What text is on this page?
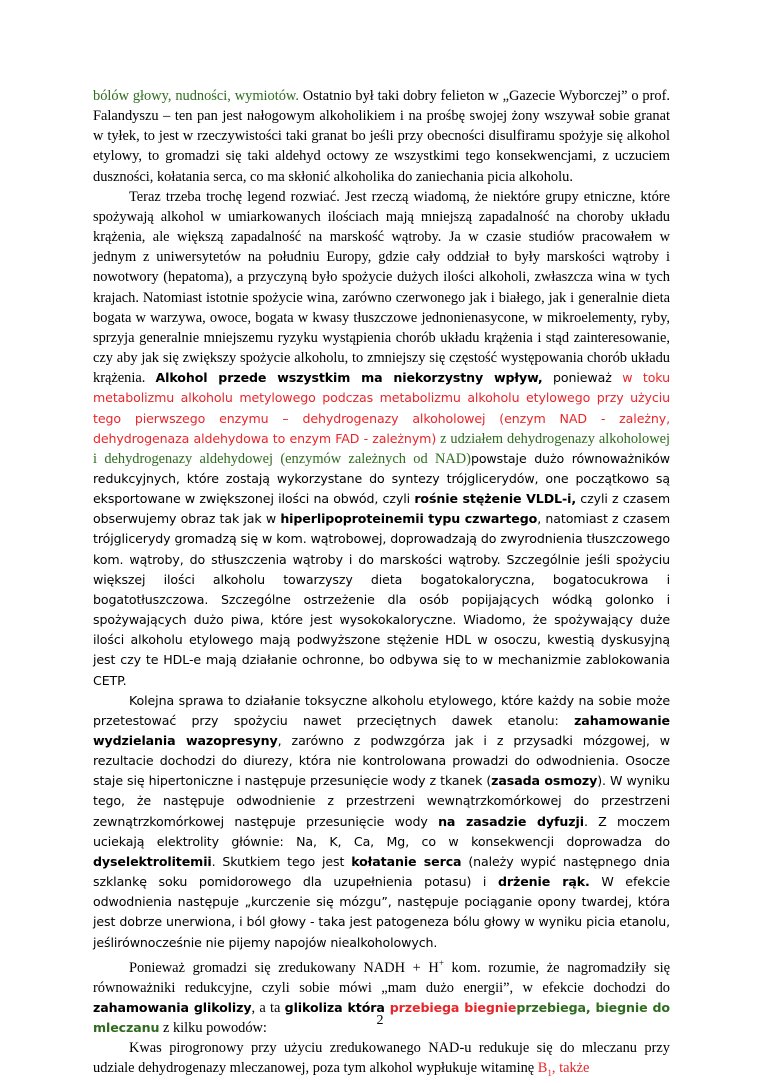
bólów głowy, nudności, wymiotów. Ostatnio był taki dobry felieton w „Gazecie Wyborczej” o prof. Falandyszu – ten pan jest nałogowym alkoholikiem i na prośbę swojej żony wszywał sobie granat w tyłek, to jest w rzeczywistości taki granat bo jeśli przy obecności disulfiramu spożyje się alkohol etylowy, to gromadzi się taki aldehyd octowy ze wszystkimi tego konsekwencjami, z uczuciem duszności, kołatania serca, co ma skłonić alkoholika do zaniechania picia alkoholu.

Teraz trzeba trochę legend rozwiać. Jest rzeczą wiadomą, że niektóre grupy etniczne, które spożywają alkohol w umiarkowanych ilościach mają mniejszą zapadalność na choroby układu krążenia, ale większą zapadalność na marskość wątroby. Ja w czasie studiów pracowałem w jednym z uniwersytetów na południu Europy, gdzie cały oddział to były marskości wątroby i nowotwory (hepatoma), a przyczyną było spożycie dużych ilości alkoholi, zwłaszcza wina w tych krajach. Natomiast istotnie spożycie wina, zarówno czerwonego jak i białego, jak i generalnie dieta bogata w warzywa, owoce, bogata w kwasy tłuszczowe jednonienasycone, w mikroelementy, ryby, sprzyja generalnie mniejszemu ryzyku wystąpienia chorób układu krążenia i stąd zainteresowanie, czy aby jak się zwiększy spożycie alkoholu, to zmniejszy się częstość występowania chorób układu krążenia. Alkohol przede wszystkim ma niekorzystny wpływ, ponieważ w toku metabolizmu alkoholu metylowego podczas metabolizmu alkoholu etylowego przy użyciu tego pierwszego enzymu – dehydrogenazy alkoholowej (enzym NAD - zależny, dehydrogenaza aldehydowa to enzym FAD - zależnym) z udziałem dehydrogenazy alkoholowej i dehydrogenazy aldehydowej (enzymów zależnych od NAD)powstaje dużo równoważników redukcyjnych, które zostają wykorzystane do syntezy trójglicerydów, one początkowo są eksportowane w zwiększonej ilości na obwód, czyli rośnie stężenie VLDL-i, czyli z czasem obserwujemy obraz tak jak w hiperlipoproteinemii typu czwartego, natomiast z czasem trójglicerydy gromadzą się w kom. wątrobowej, doprowadzają do zwyrodnienia tłuszczowego kom. wątroby, do stłuszczenia wątroby i do marskości wątroby. Szczególnie jeśli spożyciu większej ilości alkoholu towarzyszy dieta bogatokaloryczna, bogatocukrowa i bogatotłuszczowa. Szczególne ostrzeżenie dla osób popijających wódką golonko i spożywających dużo piwa, które jest wysokokaloryczne. Wiadomo, że spożywający duże ilości alkoholu etylowego mają podwyższone stężenie HDL w osoczu, kwestią dyskusyjną jest czy te HDL-e mają działanie ochronne, bo odbywa się to w mechanizmie zablokowania CETP.

Kolejna sprawa to działanie toksyczne alkoholu etylowego, które każdy na sobie może przetestować przy spożyciu nawet przeciętnych dawek etanolu: zahamowanie wydzielania wazopresyny, zarówno z podwzgórza jak i z przysadki mózgowej, w rezultacie dochodzi do diurezy, która nie kontrolowana prowadzi do odwodnienia. Osocze staje się hipertoniczne i następuje przesunięcie wody z tkanek (zasada osmozy). W wyniku tego, że następuje odwodnienie z przestrzeni wewnątrzkomórkowej do przestrzeni zewnątrzkomórkowej następuje przesunięcie wody na zasadzie dyfuzji. Z moczem uciekają elektrolity głównie: Na, K, Ca, Mg, co w konsekwencji doprowadza do dyselektrolitemii. Skutkiem tego jest kołatanie serca (należy wypić następnego dnia szklankę soku pomidorowego dla uzupełnienia potasu) i drżenie rąk. W efekcie odwodnienia następuje „kurczenie się mózgu”, następuje pociąganie opony twardej, która jest dobrze unerwiona, i ból głowy - taka jest patogeneza bólu głowy w wyniku picia etanolu, jeślirównocześnie nie pijemy napojów niealkoholowych.

Ponieważ gromadzi się zredukowany NADH + H+ kom. rozumie, że nagromadziły się równoważniki redukcyjne, czyli sobie mówi „mam dużo energii”, w efekcie dochodzi do zahamowania glikolizy, a ta glikoliza która przebiega biegnieprzebiega, biegnie do mleczanu z kilku powodów:

Kwas pirogronowy przy użyciu zredukowanego NAD-u redukuje się do mleczanu przy udziale dehydrogenazy mleczanowej, poza tym alkohol wypłukuje witaminę $B_1$, także

2
